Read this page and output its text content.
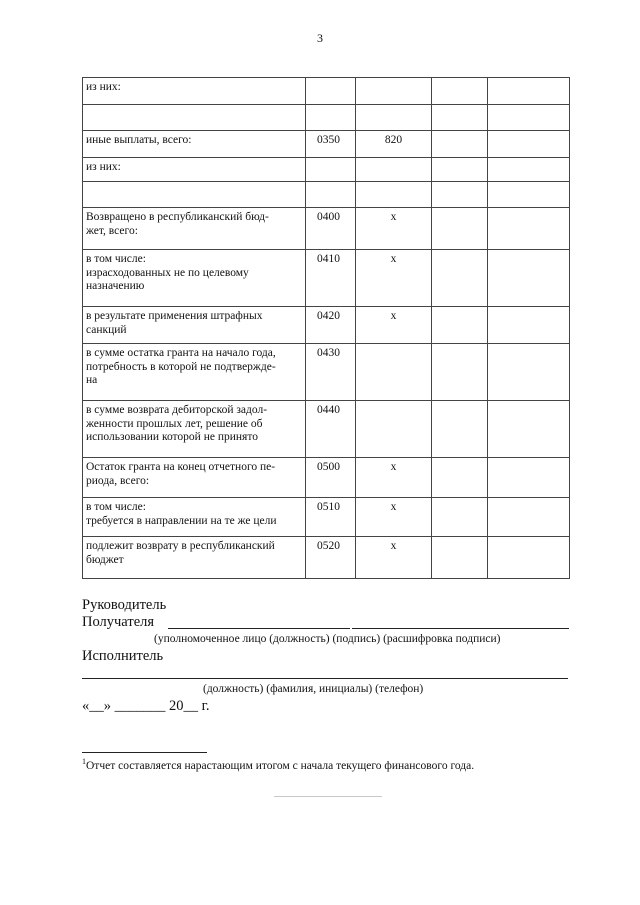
3
из них:				

иные выплаты, всего:	0350	820		
из них:				

Возвращено в республиканский бюд-
жет, всего:	0400	x		
в том числе:
израсходованных не по целевому
назначению	0410	x		
в результате применения штрафных
санкций	0420	x		
в сумме остатка гранта на начало года,
потребность в которой не подтвержде-
на	0430			
в сумме возврата дебиторской задол-
женности прошлых лет, решение об
использовании которой не принято	0440			
Остаток гранта на конец отчетного пе-
риода, всего:	0500	x		
в том числе:
требуется в направлении на те же цели	0510	x		
подлежит возврату в республиканский
бюджет	0520	x		
Руководитель
Получателя
(уполномоченное лицо (должность) (подпись) (расшифровка подписи)
Исполнитель
(должность) (фамилия, инициалы) (телефон)
«__» _______ 20__ г.
$^1$Отчет составляется нарастающим итогом с начала текущего финансового года.
